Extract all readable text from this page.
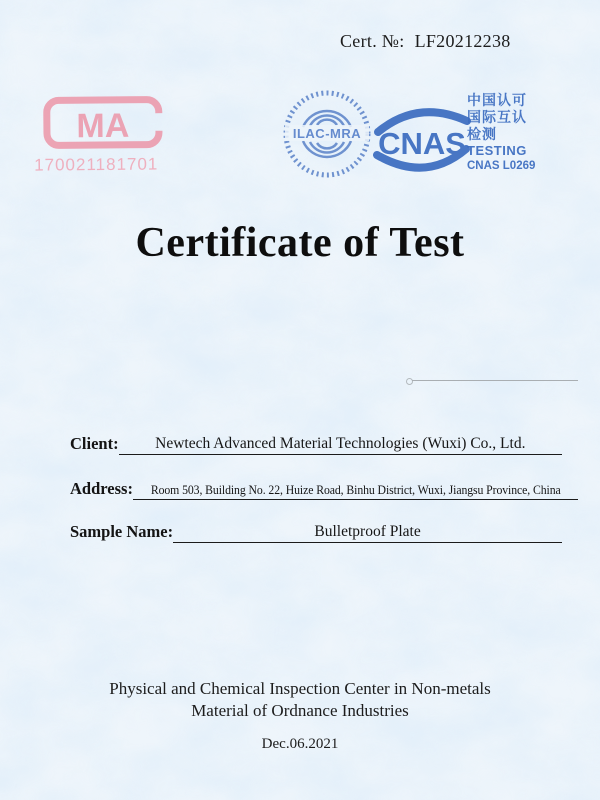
Cert. №: LF20212238
MA
170021181701
ILAC-MRA CNAS
中国认可
国际互认
检测
TESTING
CNAS L0269
Certificate of Test
Client:	Newtech Advanced Material Technologies (Wuxi) Co., Ltd.
Address: Room 503, Building No. 22, Huize Road, Binhu District, Wuxi, Jiangsu Province, China
Sample Name:	Bulletproof Plate
Physical and Chemical Inspection Center in Non-metals
Material of Ordnance Industries
Dec.06.2021
